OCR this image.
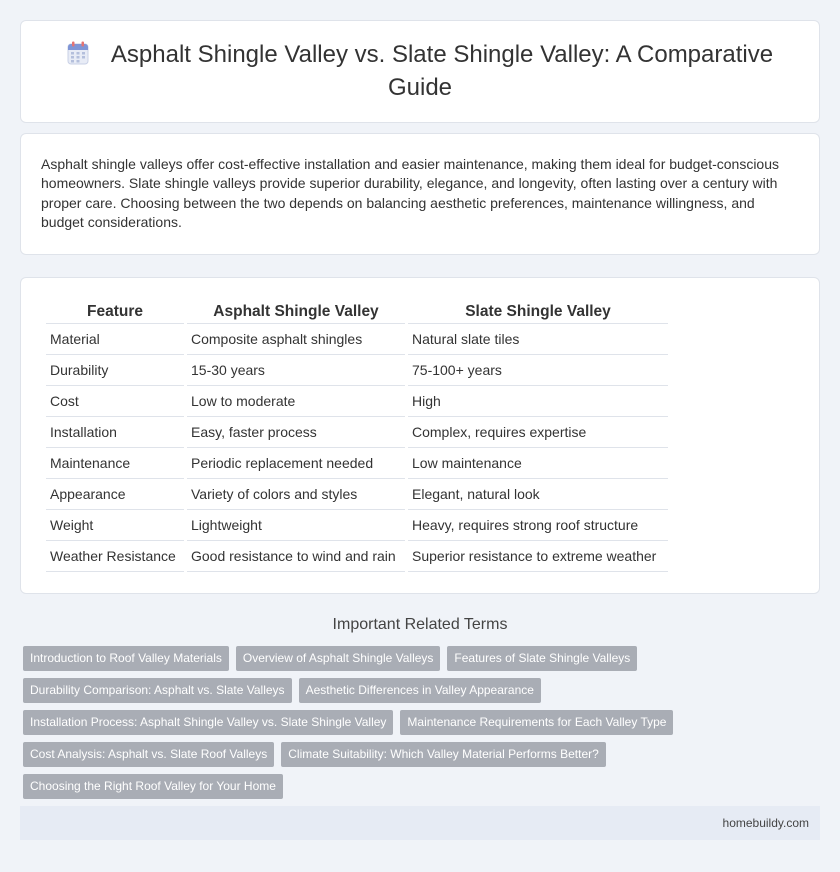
Asphalt Shingle Valley vs. Slate Shingle Valley: A Comparative Guide
Asphalt shingle valleys offer cost-effective installation and easier maintenance, making them ideal for budget-conscious homeowners. Slate shingle valleys provide superior durability, elegance, and longevity, often lasting over a century with proper care. Choosing between the two depends on balancing aesthetic preferences, maintenance willingness, and budget considerations.
Feature	Asphalt Shingle Valley	Slate Shingle Valley
Material	Composite asphalt shingles	Natural slate tiles
Durability	15-30 years	75-100+ years
Cost	Low to moderate	High
Installation	Easy, faster process	Complex, requires expertise
Maintenance	Periodic replacement needed	Low maintenance
Appearance	Variety of colors and styles	Elegant, natural look
Weight	Lightweight	Heavy, requires strong roof structure
Weather Resistance	Good resistance to wind and rain	Superior resistance to extreme weather
Important Related Terms
Introduction to Roof Valley Materials	Overview of Asphalt Shingle Valleys	Features of Slate Shingle Valleys
Durability Comparison: Asphalt vs. Slate Valleys	Aesthetic Differences in Valley Appearance
Installation Process: Asphalt Shingle Valley vs. Slate Shingle Valley	Maintenance Requirements for Each Valley Type
Cost Analysis: Asphalt vs. Slate Roof Valleys	Climate Suitability: Which Valley Material Performs Better?
Choosing the Right Roof Valley for Your Home
homebuildy.com
